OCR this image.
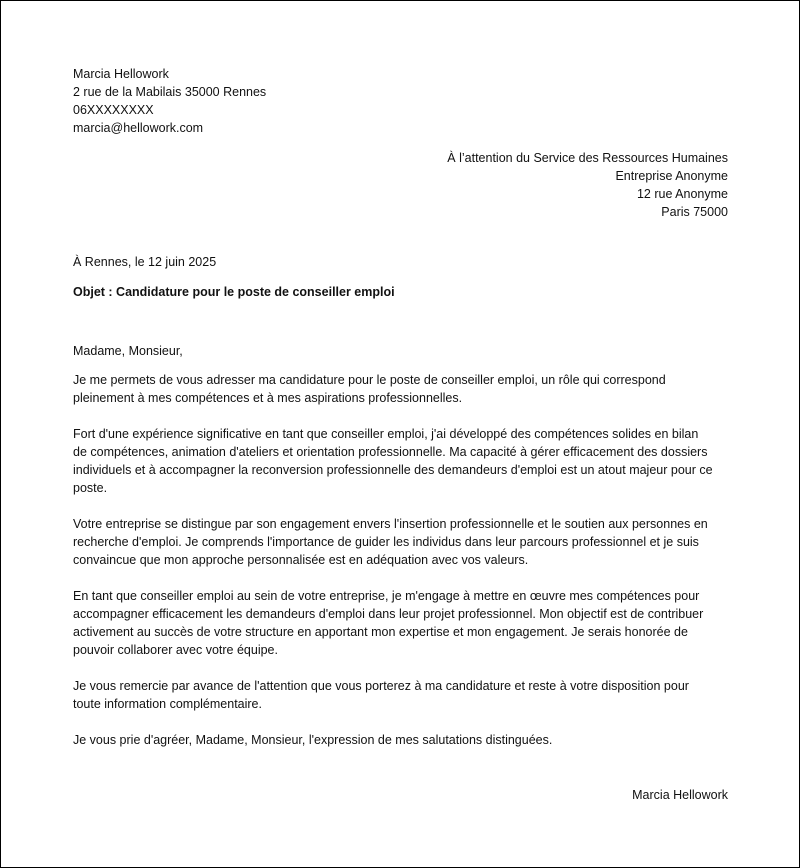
Marcia Hellowork
2 rue de la Mabilais 35000 Rennes
06XXXXXXXX
marcia@hellowork.com
À l’attention du Service des Ressources Humaines
Entreprise Anonyme
12 rue Anonyme
Paris 75000
À Rennes, le 12 juin 2025
Objet : Candidature pour le poste de conseiller emploi
Madame, Monsieur,

Je me permets de vous adresser ma candidature pour le poste de conseiller emploi, un rôle qui correspond
pleinement à mes compétences et à mes aspirations professionnelles.

Fort d'une expérience significative en tant que conseiller emploi, j'ai développé des compétences solides en bilan
de compétences, animation d'ateliers et orientation professionnelle. Ma capacité à gérer efficacement des dossiers
individuels et à accompagner la reconversion professionnelle des demandeurs d'emploi est un atout majeur pour ce
poste.

Votre entreprise se distingue par son engagement envers l'insertion professionnelle et le soutien aux personnes en
recherche d'emploi. Je comprends l'importance de guider les individus dans leur parcours professionnel et je suis
convaincue que mon approche personnalisée est en adéquation avec vos valeurs.

En tant que conseiller emploi au sein de votre entreprise, je m'engage à mettre en œuvre mes compétences pour
accompagner efficacement les demandeurs d'emploi dans leur projet professionnel. Mon objectif est de contribuer
activement au succès de votre structure en apportant mon expertise et mon engagement. Je serais honorée de
pouvoir collaborer avec votre équipe.

Je vous remercie par avance de l'attention que vous porterez à ma candidature et reste à votre disposition pour
toute information complémentaire.

Je vous prie d'agréer, Madame, Monsieur, l'expression de mes salutations distinguées.

Marcia Hellowork
